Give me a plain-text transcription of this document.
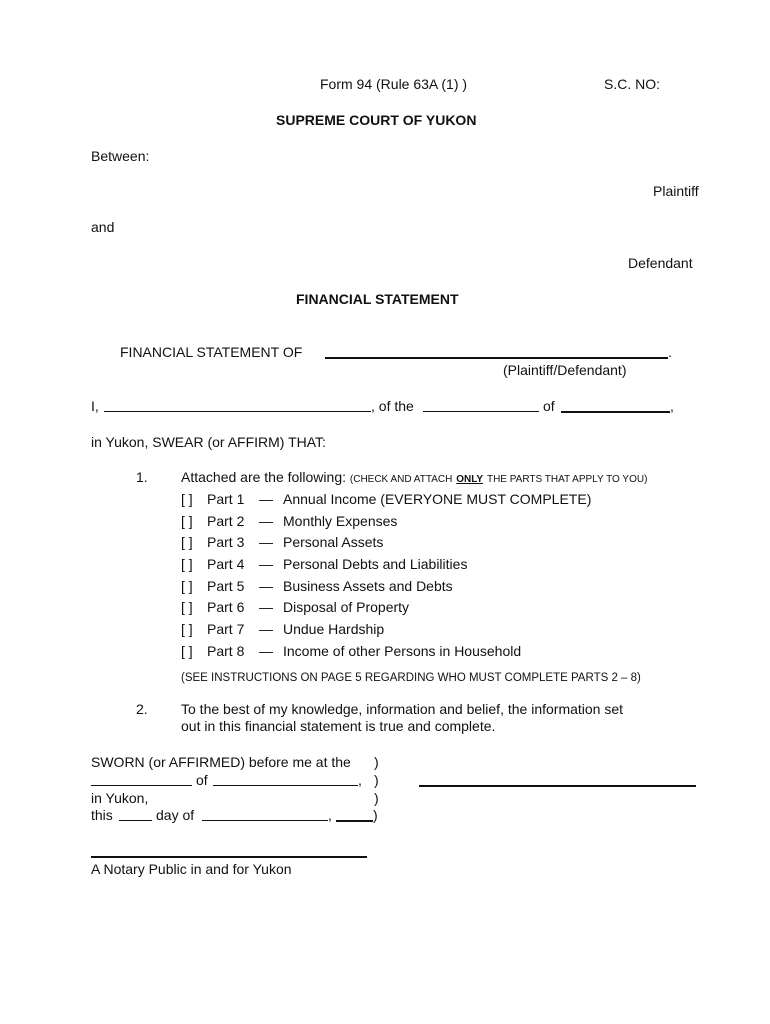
Form 94 (Rule 63A (1) )	S.C. NO:
SUPREME COURT OF YUKON
Between:
Plaintiff
and
Defendant
FINANCIAL STATEMENT
FINANCIAL STATEMENT OF	.
(Plaintiff/Defendant)
I,	, of the	of	,
in Yukon, SWEAR (or AFFIRM) THAT:
1. Attached are the following: (CHECK AND ATTACH ONLY THE PARTS THAT APPLY TO YOU)
[ ] Part 1 — Annual Income (EVERYONE MUST COMPLETE)
[ ] Part 2 — Monthly Expenses
[ ] Part 3 — Personal Assets
[ ] Part 4 — Personal Debts and Liabilities
[ ] Part 5 — Business Assets and Debts
[ ] Part 6 — Disposal of Property
[ ] Part 7 — Undue Hardship
[ ] Part 8 — Income of other Persons in Household
(SEE INSTRUCTIONS ON PAGE 5 REGARDING WHO MUST COMPLETE PARTS 2 – 8)
2. To the best of my knowledge, information and belief, the information set
out in this financial statement is true and complete.
SWORN (or AFFIRMED) before me at the )
of	, )
in Yukon,	)
this	day of	,	)
A Notary Public in and for Yukon
